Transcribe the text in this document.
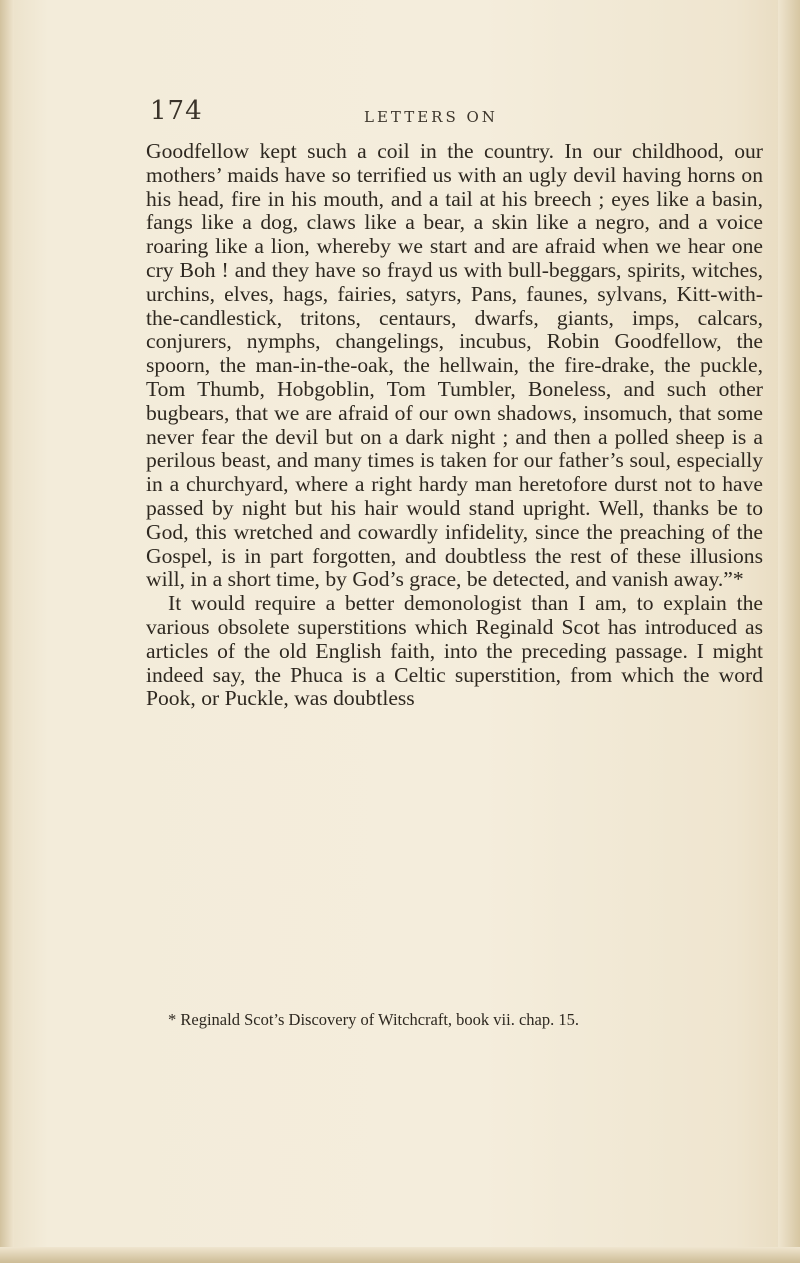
174	LETTERS ON

Goodfellow kept such a coil in the country. In our childhood, our mothers’ maids have so terrified us with an ugly devil having horns on his head, fire in his mouth, and a tail at his breech ; eyes like a basin, fangs like a dog, claws like a bear, a skin like a negro, and a voice roaring like a lion, whereby we start and are afraid when we hear one cry Boh ! and they have so frayd us with bull-beggars, spirits, witches, urchins, elves, hags, fairies, satyrs, Pans, faunes, sylvans, Kitt-with-the-candlestick, tritons, centaurs, dwarfs, giants, imps, calcars, conjurers, nymphs, changelings, incubus, Robin Goodfellow, the spoorn, the man-in-the-oak, the hellwain, the fire-drake, the puckle, Tom Thumb, Hobgoblin, Tom Tumbler, Boneless, and such other bugbears, that we are afraid of our own shadows, insomuch, that some never fear the devil but on a dark night ; and then a polled sheep is a perilous beast, and many times is taken for our father’s soul, especially in a churchyard, where a right hardy man heretofore durst not to have passed by night but his hair would stand upright. Well, thanks be to God, this wretched and cowardly infidelity, since the preaching of the Gospel, is in part forgotten, and doubtless the rest of these illusions will, in a short time, by God’s grace, be detected, and vanish away.”*

It would require a better demonologist than I am, to explain the various obsolete superstitions which Reginald Scot has introduced as articles of the old English faith, into the preceding passage. I might indeed say, the Phuca is a Celtic superstition, from which the word Pook, or Puckle, was doubtless

* Reginald Scot’s Discovery of Witchcraft, book vii. chap. 15.
